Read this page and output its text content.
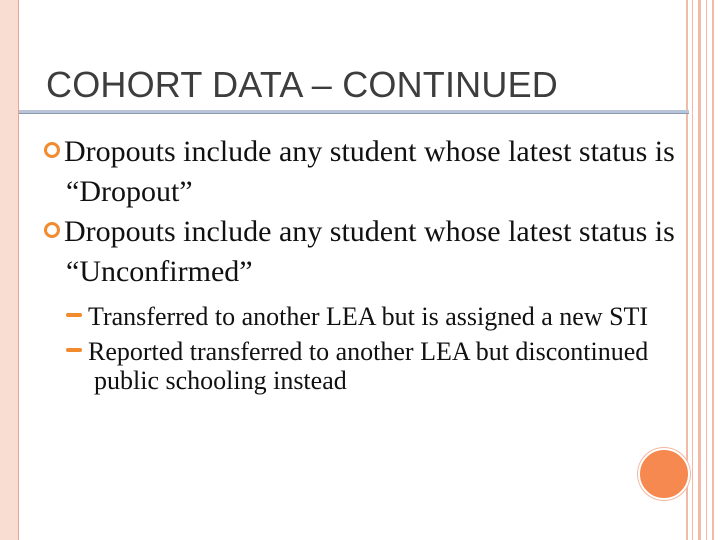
COHORT DATA – CONTINUED

Dropouts include any student whose latest status is “Dropout”

Dropouts include any student whose latest status is “Unconfirmed”

Transferred to another LEA but is assigned a new STI

Reported transferred to another LEA but discontinued public schooling instead
